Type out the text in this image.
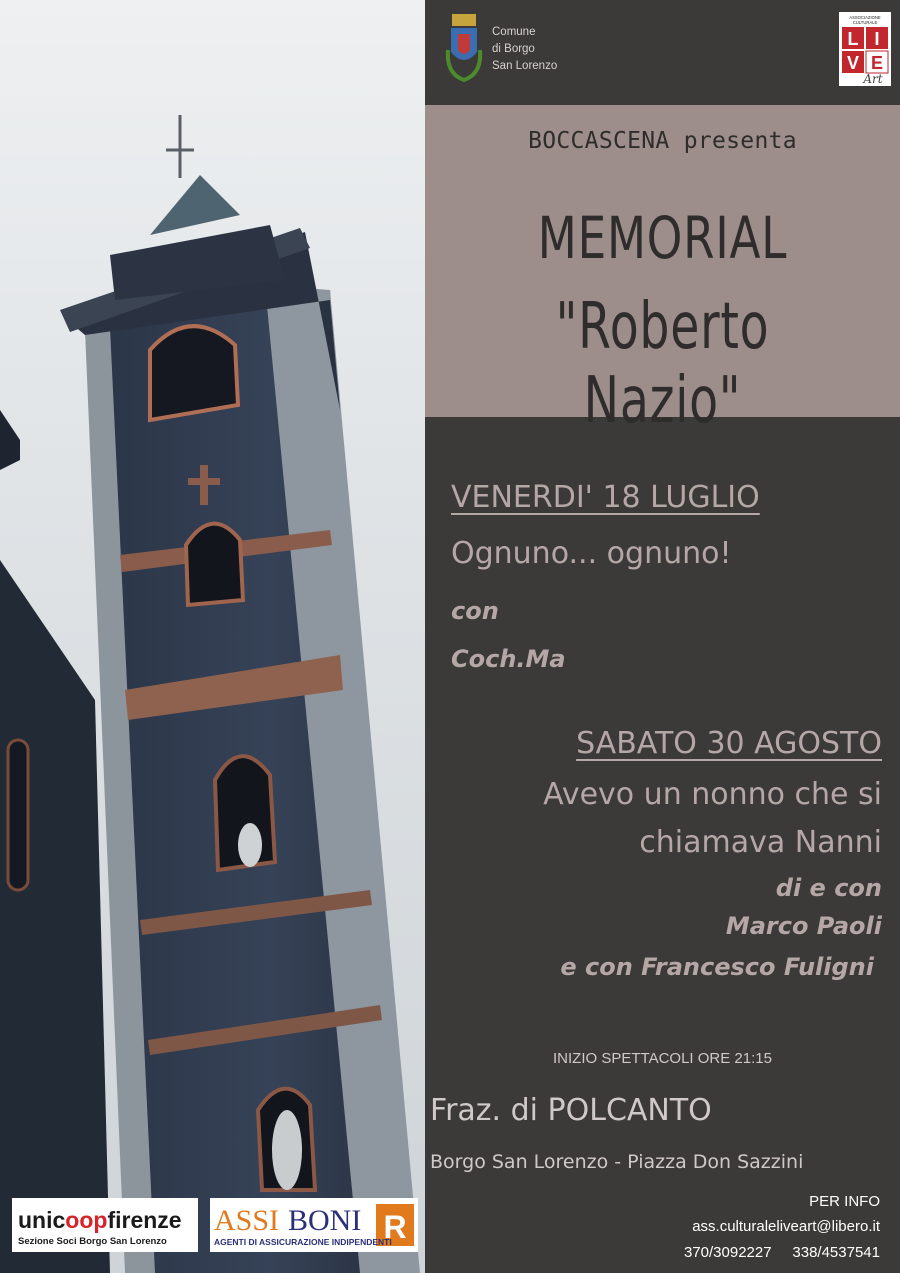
Comune
di Borgo
San Lorenzo
ASSOCIAZIONE
CULTURALE
L I
V E
Art
BOCCASCENA presenta
MEMORIAL
"Roberto Nazio"
VENERDI' 18 LUGLIO
Ognuno... ognuno!
con
Coch.Ma
SABATO 30 AGOSTO
Avevo un nonno che si
chiamava Nanni
di e con
Marco Paoli
e con Francesco Fuligni
INIZIO SPETTACOLI ORE 21:15
Fraz. di POLCANTO
Borgo San Lorenzo - Piazza Don Sazzini
PER INFO
ass.culturaleliveart@libero.it
370/3092227     338/4537541
unicoopfirenze
Sezione Soci Borgo San Lorenzo
ASSI BONI R
AGENTI DI ASSICURAZIONE INDIPENDENTI
